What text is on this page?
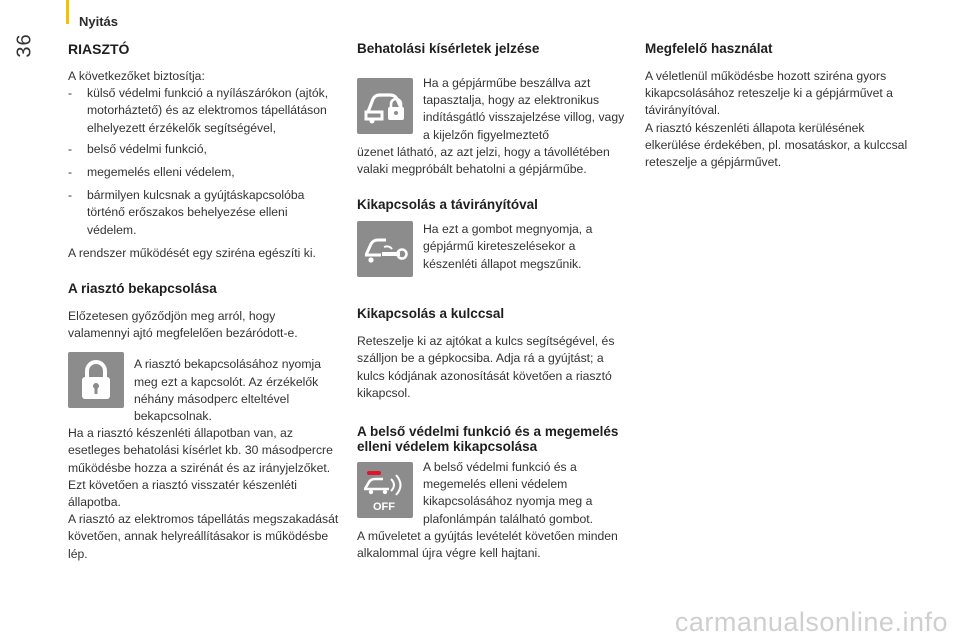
Nyitás
36 RIASZTÓ

A következőket biztosítja:

- külső védelmi funkció a nyílászárókon (ajtók, motorháztető) és az elektromos tápellátáson elhelyezett érzékelők segítségével,
- belső védelmi funkció,
- megemelés elleni védelem,
- bármilyen kulcsnak a gyújtáskapcsolóba történő erőszakos behelyezése elleni védelem.

A rendszer működését egy sziréna egészíti ki.

A riasztó bekapcsolása

Előzetesen győződjön meg arról, hogy valamennyi ajtó megfelelően bezáródott-e.

A riasztó bekapcsolásához nyomja meg ezt a kapcsolót. Az érzékelők néhány másodperc elteltével bekapcsolnak.

Ha a riasztó készenléti állapotban van, az esetleges behatolási kísérlet kb. 30 másodpercre működésbe hozza a szirénát és az irányjelzőket.

Ezt követően a riasztó visszatér készenléti állapotba.

A riasztó az elektromos tápellátás megszakadását követően, annak helyreállításakor is működésbe lép.

Behatolási kísérletek jelzése

Ha a gépjárműbe beszállva azt tapasztalja, hogy az elektronikus indításgátló visszajelzése villog, vagy a kijelzőn figyelmeztető

üzenet látható, az azt jelzi, hogy a távollétében valaki megpróbált behatolni a gépjárműbe.

Kikapcsolás a távirányítóval

Ha ezt a gombot megnyomja, a gépjármű kireteszelésekor a készenléti állapot megszűnik.

Kikapcsolás a kulccsal

Reteszelje ki az ajtókat a kulcs segítségével, és szálljon be a gépkocsiba. Adja rá a gyújtást; a kulcs kódjának azonosítását követően a riasztó kikapcsol.

A belső védelmi funkció és a megemelés elleni védelem kikapcsolása
OFF

A belső védelmi funkció és a megemelés elleni védelem kikapcsolásához nyomja meg a plafonlámpán található gombot.

A műveletet a gyújtás levételét követően minden alkalommal újra végre kell hajtani.

Megfelelő használat

A véletlenül működésbe hozott sziréna gyors kikapcsolásához reteszelje ki a gépjárművet a távirányítóval.

A riasztó készenléti állapota kerülésének elkerülése érdekében, pl. mosatáskor, a kulccsal reteszelje a gépjárművet.

carmanualsonline.info
